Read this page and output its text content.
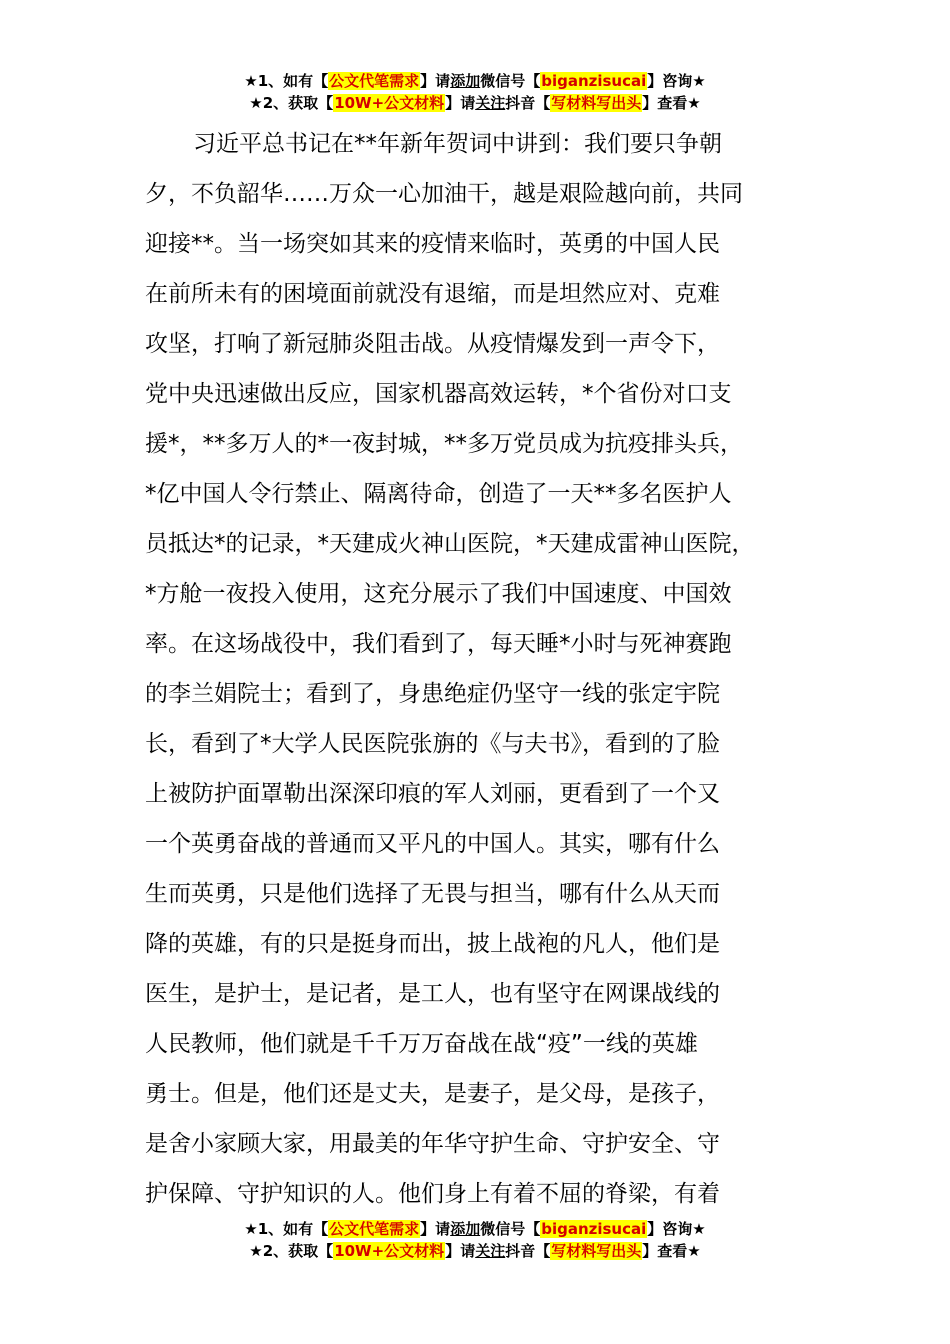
★1、如有【公文代笔需求】请添加微信号【biganzisucai】咨询★
★2、获取【10W+公文材料】请关注抖音【写材料写出头】查看★
习近平总书记在**年新年贺词中讲到：我们要只争朝
夕，不负韶华……万众一心加油干，越是艰险越向前，共同
迎接**。当一场突如其来的疫情来临时，英勇的中国人民
在前所未有的困境面前就没有退缩，而是坦然应对、克难
攻坚，打响了新冠肺炎阻击战。从疫情爆发到一声令下，
党中央迅速做出反应，国家机器高效运转，*个省份对口支
援*，**多万人的*一夜封城，**多万党员成为抗疫排头兵，
*亿中国人令行禁止、隔离待命，创造了一天**多名医护人
员抵达*的记录，*天建成火神山医院，*天建成雷神山医院，
*方舱一夜投入使用，这充分展示了我们中国速度、中国效
率。在这场战役中，我们看到了，每天睡*小时与死神赛跑
的李兰娟院士；看到了，身患绝症仍坚守一线的张定宇院
长，看到了*大学人民医院张旃的《与夫书》，看到的了脸
上被防护面罩勒出深深印痕的军人刘丽，更看到了一个又
一个英勇奋战的普通而又平凡的中国人。其实，哪有什么
生而英勇，只是他们选择了无畏与担当，哪有什么从天而
降的英雄，有的只是挺身而出，披上战袍的凡人，他们是
医生，是护士，是记者，是工人，也有坚守在网课战线的
人民教师，他们就是千千万万奋战在战“疫”一线的英雄
勇士。但是，他们还是丈夫，是妻子，是父母，是孩子，
是舍小家顾大家，用最美的年华守护生命、守护安全、守
护保障、守护知识的人。他们身上有着不屈的脊梁，有着
★1、如有【公文代笔需求】请添加微信号【biganzisucai】咨询★
★2、获取【10W+公文材料】请关注抖音【写材料写出头】查看★
